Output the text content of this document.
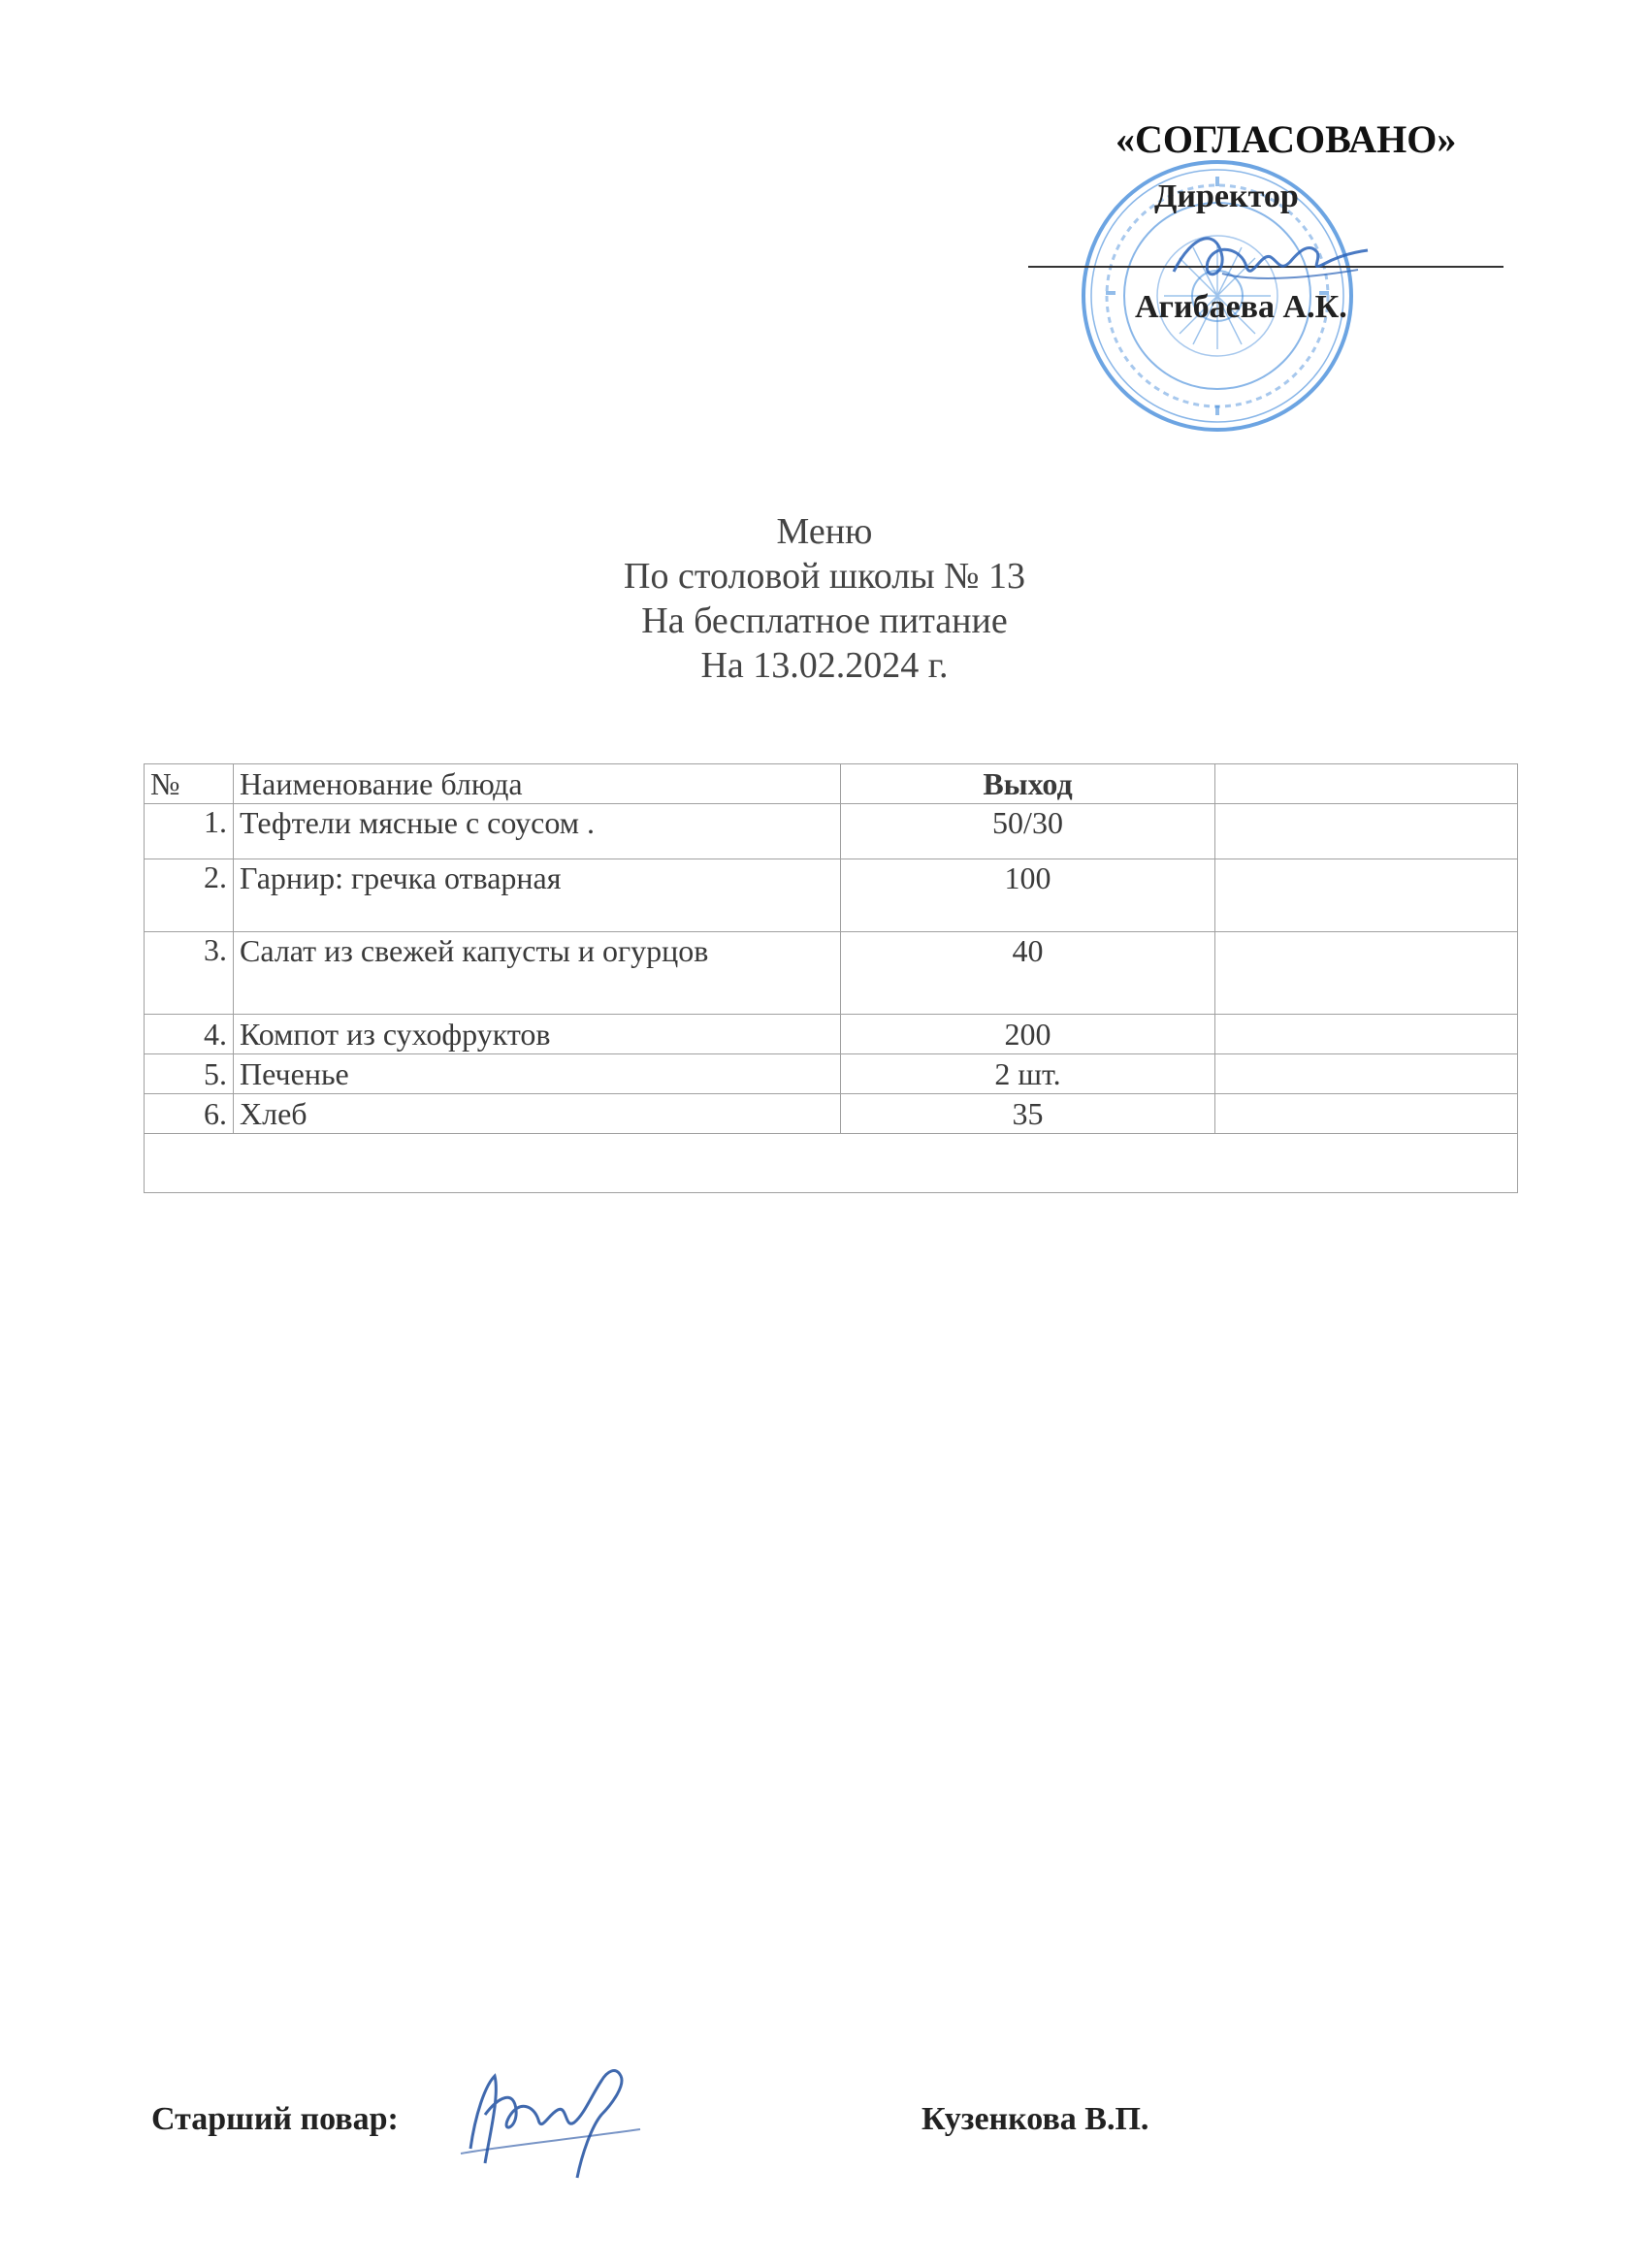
«СОГЛАСОВАНО»
Директор
Агибаева А.К.
Меню
По столовой школы № 13
На бесплатное питание
На 13.02.2024 г.
№	Наименование блюда	Выход	
1.	Тефтели мясные с соусом .	50/30	
2.	Гарнир: гречка отварная	100	
3.	Салат из свежей капусты и огурцов	40	
4.	Компот из сухофруктов	200	
5.	Печенье	2 шт.	
6.	Хлеб	35	

Старший повар:	Кузенкова В.П.
